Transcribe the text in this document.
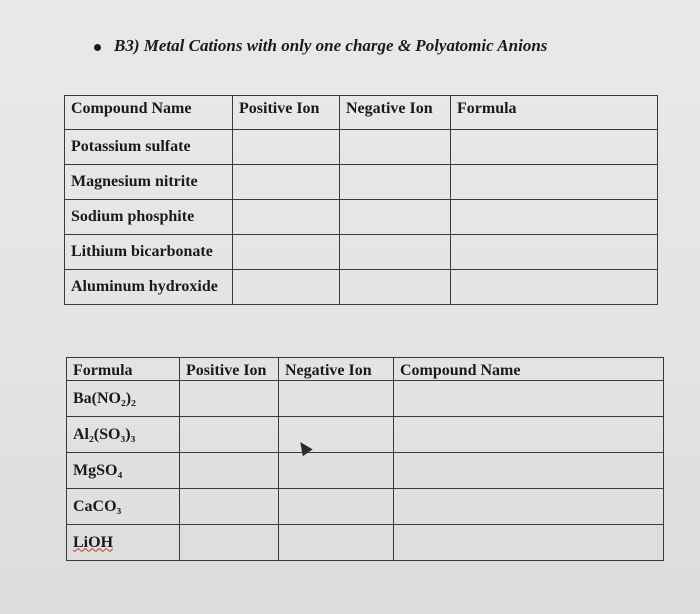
B3) Metal Cations with only one charge & Polyatomic Anions
Compound Name	Positive Ion	Negative Ion	Formula
Potassium sulfate			
Magnesium nitrite			
Sodium phosphite			
Lithium bicarbonate			
Aluminum hydroxide			
Formula	Positive Ion	Negative Ion	Compound Name
Ba(NO₂)₂			
Al₂(SO₃)₃			
MgSO₄			
CaCO₃			
LiOH			
